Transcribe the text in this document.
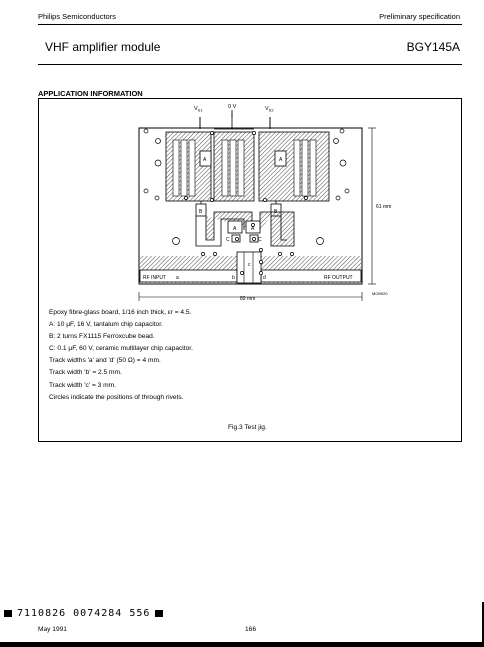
Philips Semiconductors	Preliminary specification
VHF amplifier module	BGY145A
APPLICATION INFORMATION
$V_{S1}$	0 V	$V_{S2}$
A	A
B	B
A	A
C	C
RF INPUT	RF OUTPUT
b
c
d
a
61 mm
89 mm
MCB920
Epoxy fibre-glass board, 1/16 inch thick, εr = 4.5.
A: 10 μF, 16 V, tantalum chip capacitor.
B: 2 turns FX1115 Ferroxcube bead.
C: 0.1 μF, 60 V, ceramic multilayer chip capacitor.
Track widths 'a' and 'd' (50 Ω) = 4 mm.
Track width 'b' = 2.5 mm.
Track width 'c' = 3 mm.
Circles indicate the positions of through rivets.
Fig.3 Test jig.
7110826 0074284 556
May 1991	166
